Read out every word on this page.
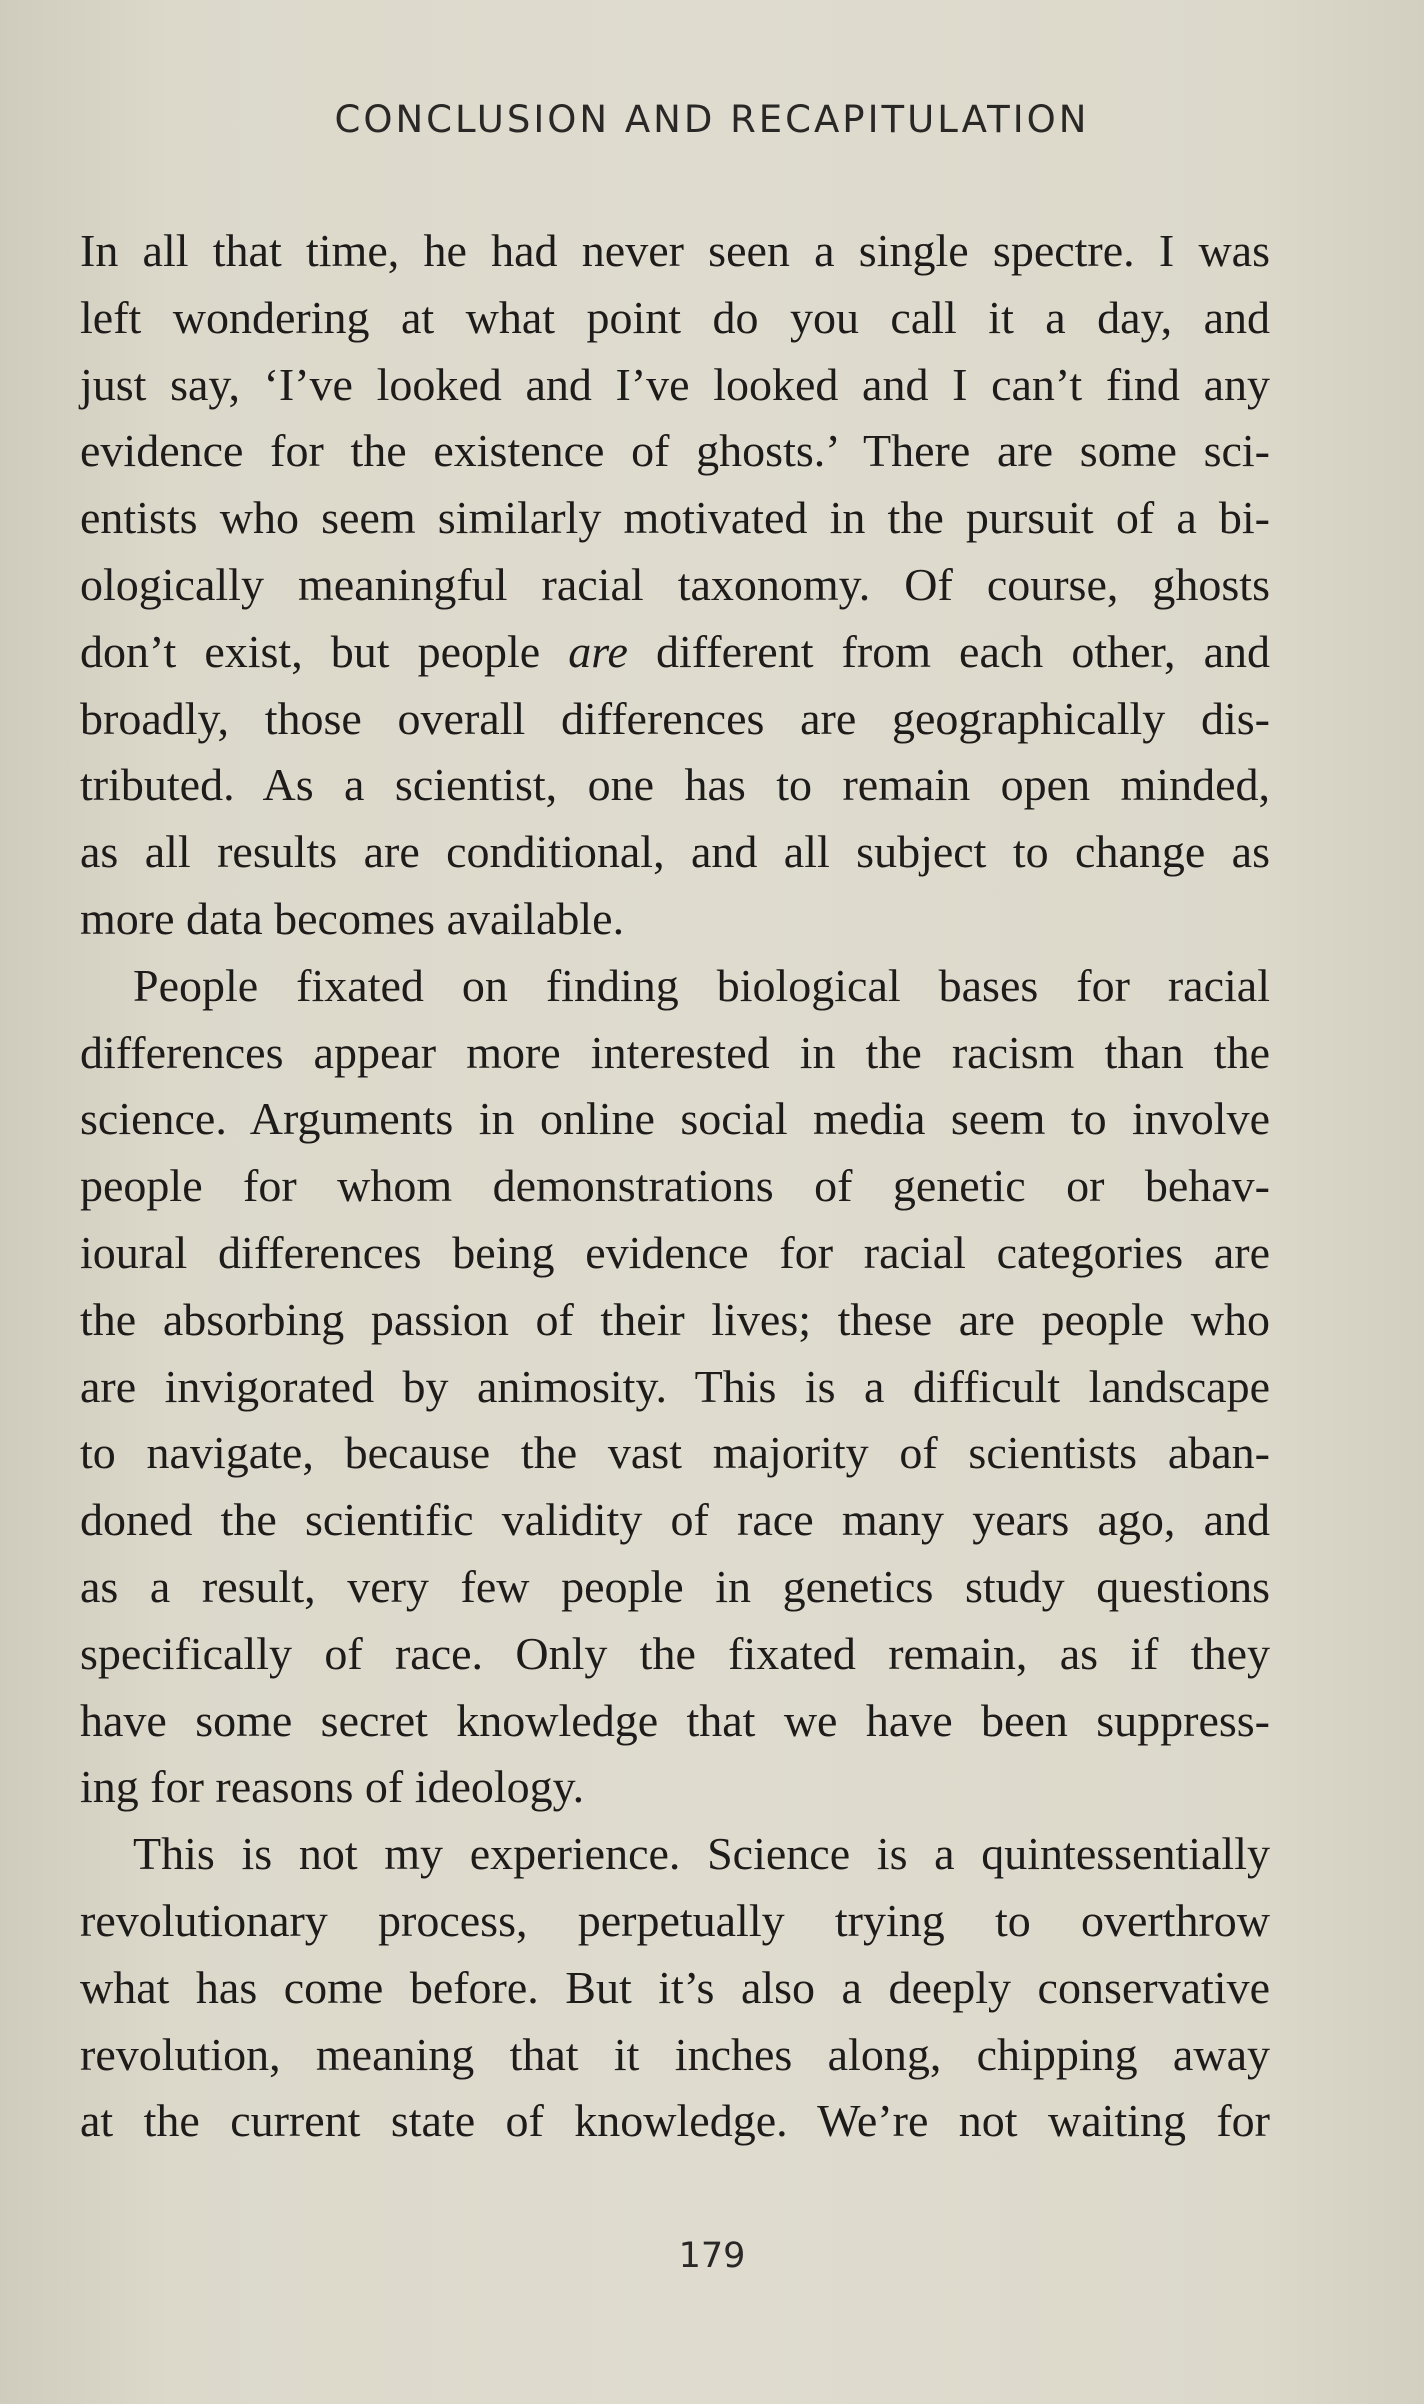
CONCLUSION AND RECAPITULATION
In all that time, he had never seen a single spectre. I was
left wondering at what point do you call it a day, and
just say, ‘I’ve looked and I’ve looked and I can’t find any
evidence for the existence of ghosts.’ There are some sci-
entists who seem similarly motivated in the pursuit of a bi-
ologically meaningful racial taxonomy. Of course, ghosts
don’t exist, but people are different from each other, and
broadly, those overall differences are geographically dis-
tributed. As a scientist, one has to remain open minded,
as all results are conditional, and all subject to change as
more data becomes available.
People fixated on finding biological bases for racial
differences appear more interested in the racism than the
science. Arguments in online social media seem to involve
people for whom demonstrations of genetic or behav-
ioural differences being evidence for racial categories are
the absorbing passion of their lives; these are people who
are invigorated by animosity. This is a difficult landscape
to navigate, because the vast majority of scientists aban-
doned the scientific validity of race many years ago, and
as a result, very few people in genetics study questions
specifically of race. Only the fixated remain, as if they
have some secret knowledge that we have been suppress-
ing for reasons of ideology.
This is not my experience. Science is a quintessentially
revolutionary process, perpetually trying to overthrow
what has come before. But it’s also a deeply conservative
revolution, meaning that it inches along, chipping away
at the current state of knowledge. We’re not waiting for
179
